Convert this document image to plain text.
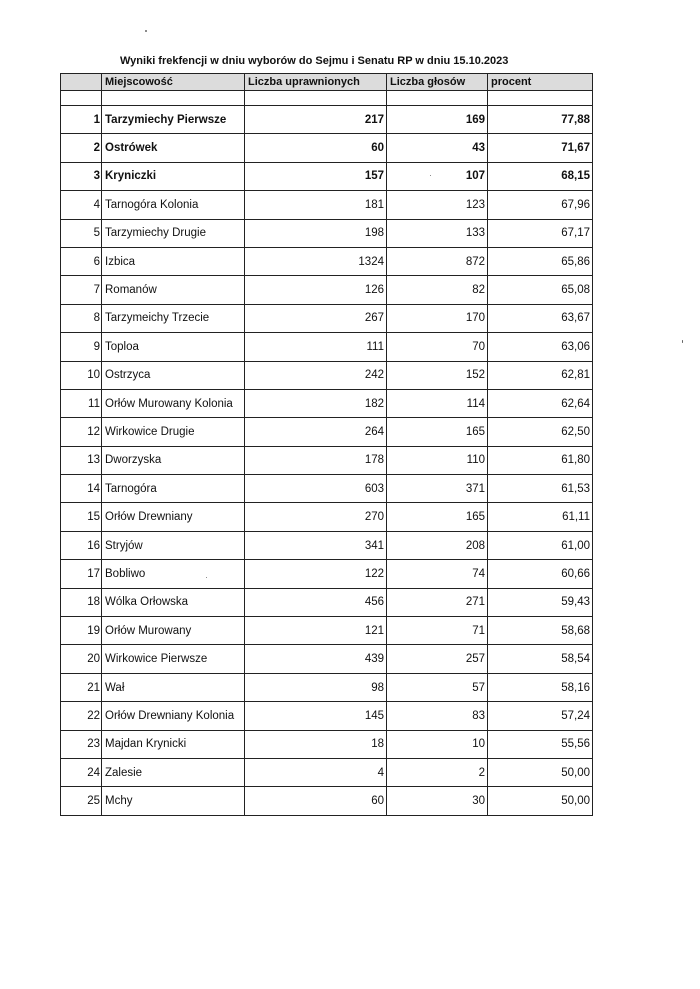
Wyniki frekfencji w dniu wyborów do Sejmu i Senatu RP w dniu 15.10.2023
	Miejscowość	Liczba uprawnionych	Liczba głosów	procent

1	Tarzymiechy Pierwsze	217	169	77,88
2	Ostrówek	60	43	71,67
3	Kryniczki	157	107	68,15
4	Tarnogóra Kolonia	181	123	67,96
5	Tarzymiechy Drugie	198	133	67,17
6	Izbica	1324	872	65,86
7	Romanów	126	82	65,08
8	Tarzymeichy Trzecie	267	170	63,67
9	Toploa	111	70	63,06
10	Ostrzyca	242	152	62,81
11	Orłów Murowany Kolonia	182	114	62,64
12	Wirkowice Drugie	264	165	62,50
13	Dworzyska	178	110	61,80
14	Tarnogóra	603	371	61,53
15	Orłów Drewniany	270	165	61,11
16	Stryjów	341	208	61,00
17	Bobliwo	122	74	60,66
18	Wólka Orłowska	456	271	59,43
19	Orłów Murowany	121	71	58,68
20	Wirkowice Pierwsze	439	257	58,54
21	Wał	98	57	58,16
22	Orłów Drewniany Kolonia	145	83	57,24
23	Majdan Krynicki	18	10	55,56
24	Zalesie	4	2	50,00
25	Mchy	60	30	50,00
